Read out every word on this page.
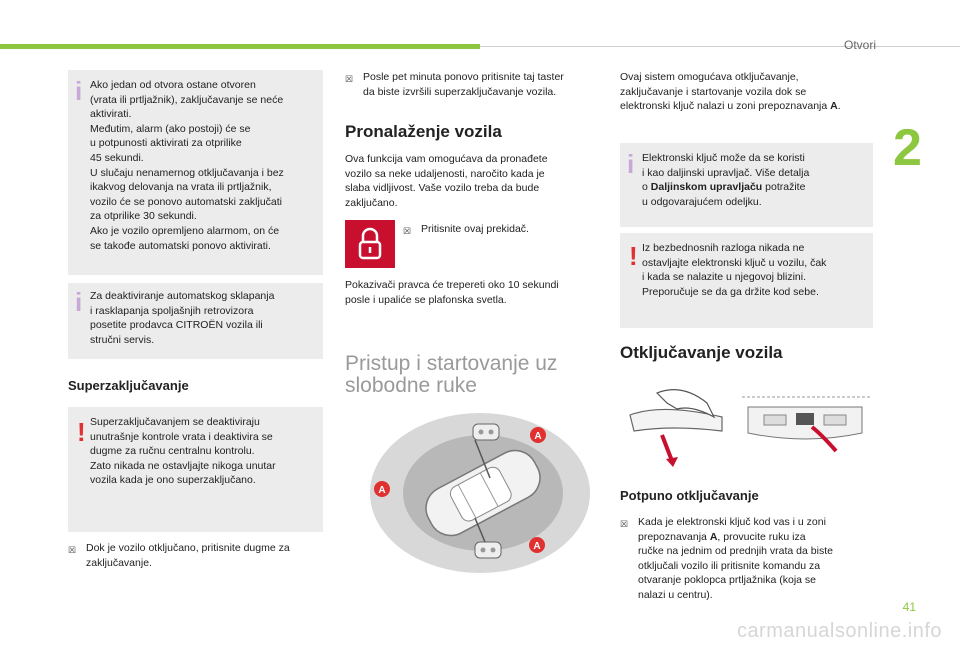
Otvori
2
i Ako jedan od otvora ostane otvoren

(vrata ili prtljažnik), zaključavanje se neće

aktivirati.

Međutim, alarm (ako postoji) će se

u potpunosti aktivirati za otprilike

45 sekundi.

U slučaju nenamernog otključavanja i bez

ikakvog delovanja na vrata ili prtljažnik,

vozilo će se ponovo automatski zaključati

za otprilike 30 sekundi.

Ako je vozilo opremljeno alarmom, on će

se takođe automatski ponovo aktivirati.

i Za deaktiviranje automatskog sklapanja

i rasklapanja spoljašnjih retrovizora

posetite prodavca CITROËN vozila ili

stručni servis.

Superzaključavanje
! Superzaključavanjem se deaktiviraju

unutrašnje kontrole vrata i deaktivira se

dugme za ručnu centralnu kontrolu.

Zato nikada ne ostavljajte nikoga unutar

vozila kada je ono superzaključano.

☒ Dok je vozilo otključano, pritisnite dugme za

zaključavanje.

☒ Posle pet minuta ponovo pritisnite taj taster

da biste izvršili superzaključavanje vozila.

Pronalaženje vozila

Ova funkcija vam omogućava da pronađete

vozilo sa neke udaljenosti, naročito kada je

slaba vidljivost. Vaše vozilo treba da bude

zaključano.

☒ Pritisnite ovaj prekidač.

Pokazivači pravca će trepereti oko 10 sekundi

posle i upaliće se plafonska svetla.

Pristup i startovanje uz
slobodne ruke
A
A
A

Ovaj sistem omogućava otključavanje,

zaključavanje i startovanje vozila dok se

elektronski ključ nalazi u zoni prepoznavanja A.

i Elektronski ključ može da se koristi

i kao daljinski upravljač. Više detalja

o Daljinskom upravljaču potražite

u odgovarajućem odeljku.

! Iz bezbednosnih razloga nikada ne

ostavljajte elektronski ključ u vozilu, čak

i kada se nalazite u njegovoj blizini.

Preporučuje se da ga držite kod sebe.

Otključavanje vozila
Potpuno otključavanje
☒ Kada je elektronski ključ kod vas i u zoni

prepoznavanja A, provucite ruku iza

ručke na jednim od prednjih vrata da biste

otključali vozilo ili pritisnite komandu za

otvaranje poklopca prtljažnika (koja se

nalazi u centru).

41
carmanualsonline.info
